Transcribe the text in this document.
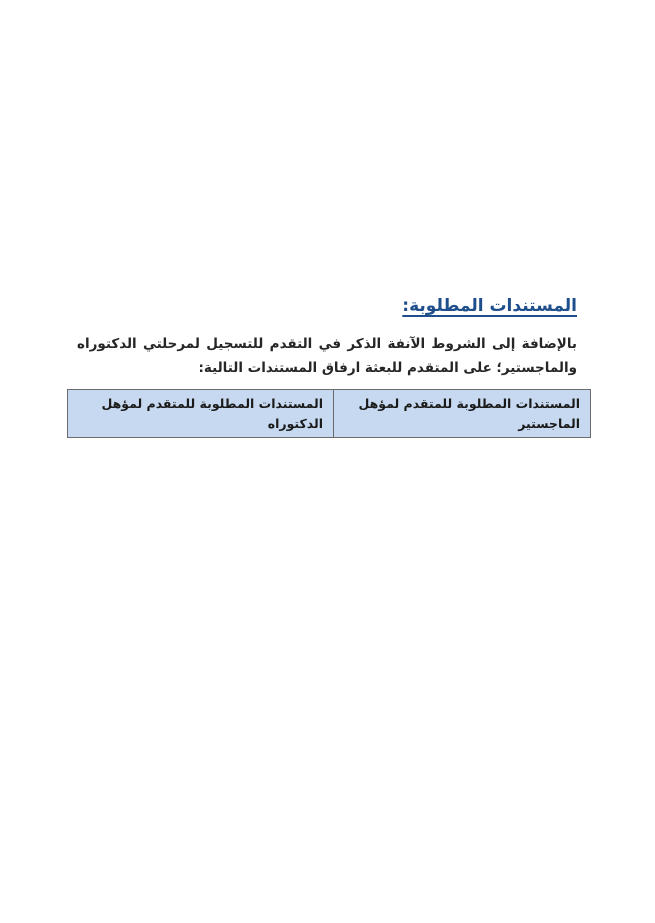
المستندات المطلوبة:
بالإضافة إلى الشروط الآنفة الذكر في التقدم للتسجيل لمرحلتي الدكتوراه والماجستير؛ على المتقدم للبعثة ارفاق المستندات التالية:
المستندات المطلوبة للمتقدم لمؤهل الماجستير	المستندات المطلوبة للمتقدم لمؤهل الدكتوراه
